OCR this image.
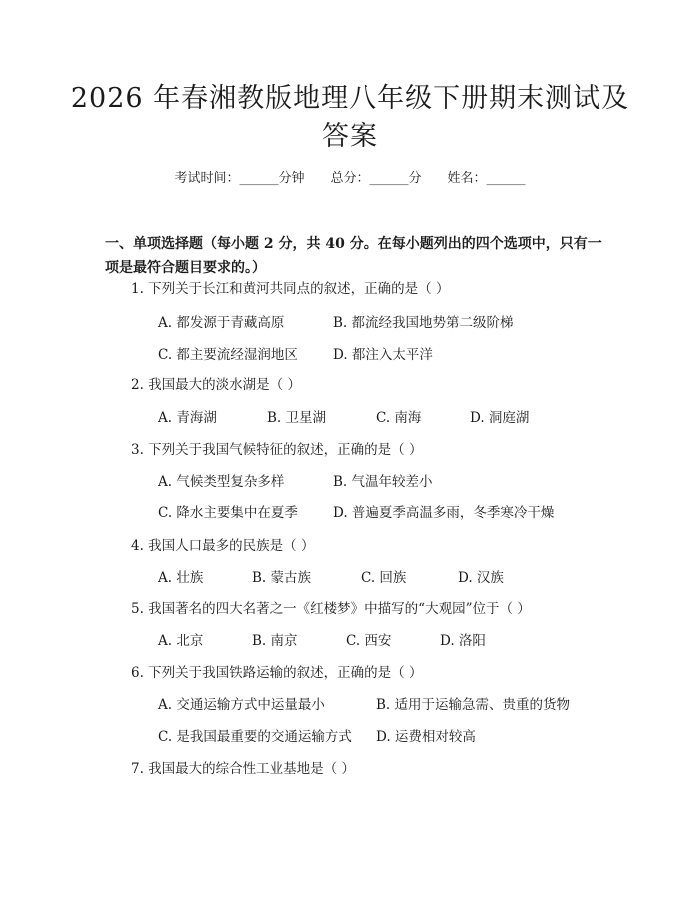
2026 年春湘教版地理八年级下册期末测试及答案
考试时间：______分钟 总分：______分 姓名：______
一、单项选择题（每小题 2 分，共 40 分。在每小题列出的四个选项中，只有一项是最符合题目要求的。）
1. 下列关于长江和黄河共同点的叙述，正确的是（ ）
A. 都发源于青藏高原	B. 都流经我国地势第二级阶梯
C. 都主要流经湿润地区	D. 都注入太平洋
2. 我国最大的淡水湖是（ ）
A. 青海湖	B. 卫星湖	C. 南海	D. 洞庭湖
3. 下列关于我国气候特征的叙述，正确的是（ ）
A. 气候类型复杂多样	B. 气温年较差小
C. 降水主要集中在夏季	D. 普遍夏季高温多雨，冬季寒冷干燥
4. 我国人口最多的民族是（ ）
A. 壮族	B. 蒙古族	C. 回族	D. 汉族
5. 我国著名的四大名著之一《红楼梦》中描写的“大观园”位于（ ）
A. 北京	B. 南京	C. 西安	D. 洛阳
6. 下列关于我国铁路运输的叙述，正确的是（ ）
A. 交通运输方式中运量最小	B. 适用于运输急需、贵重的货物
C. 是我国最重要的交通运输方式 D. 运费相对较高
7. 我国最大的综合性工业基地是（ ）
